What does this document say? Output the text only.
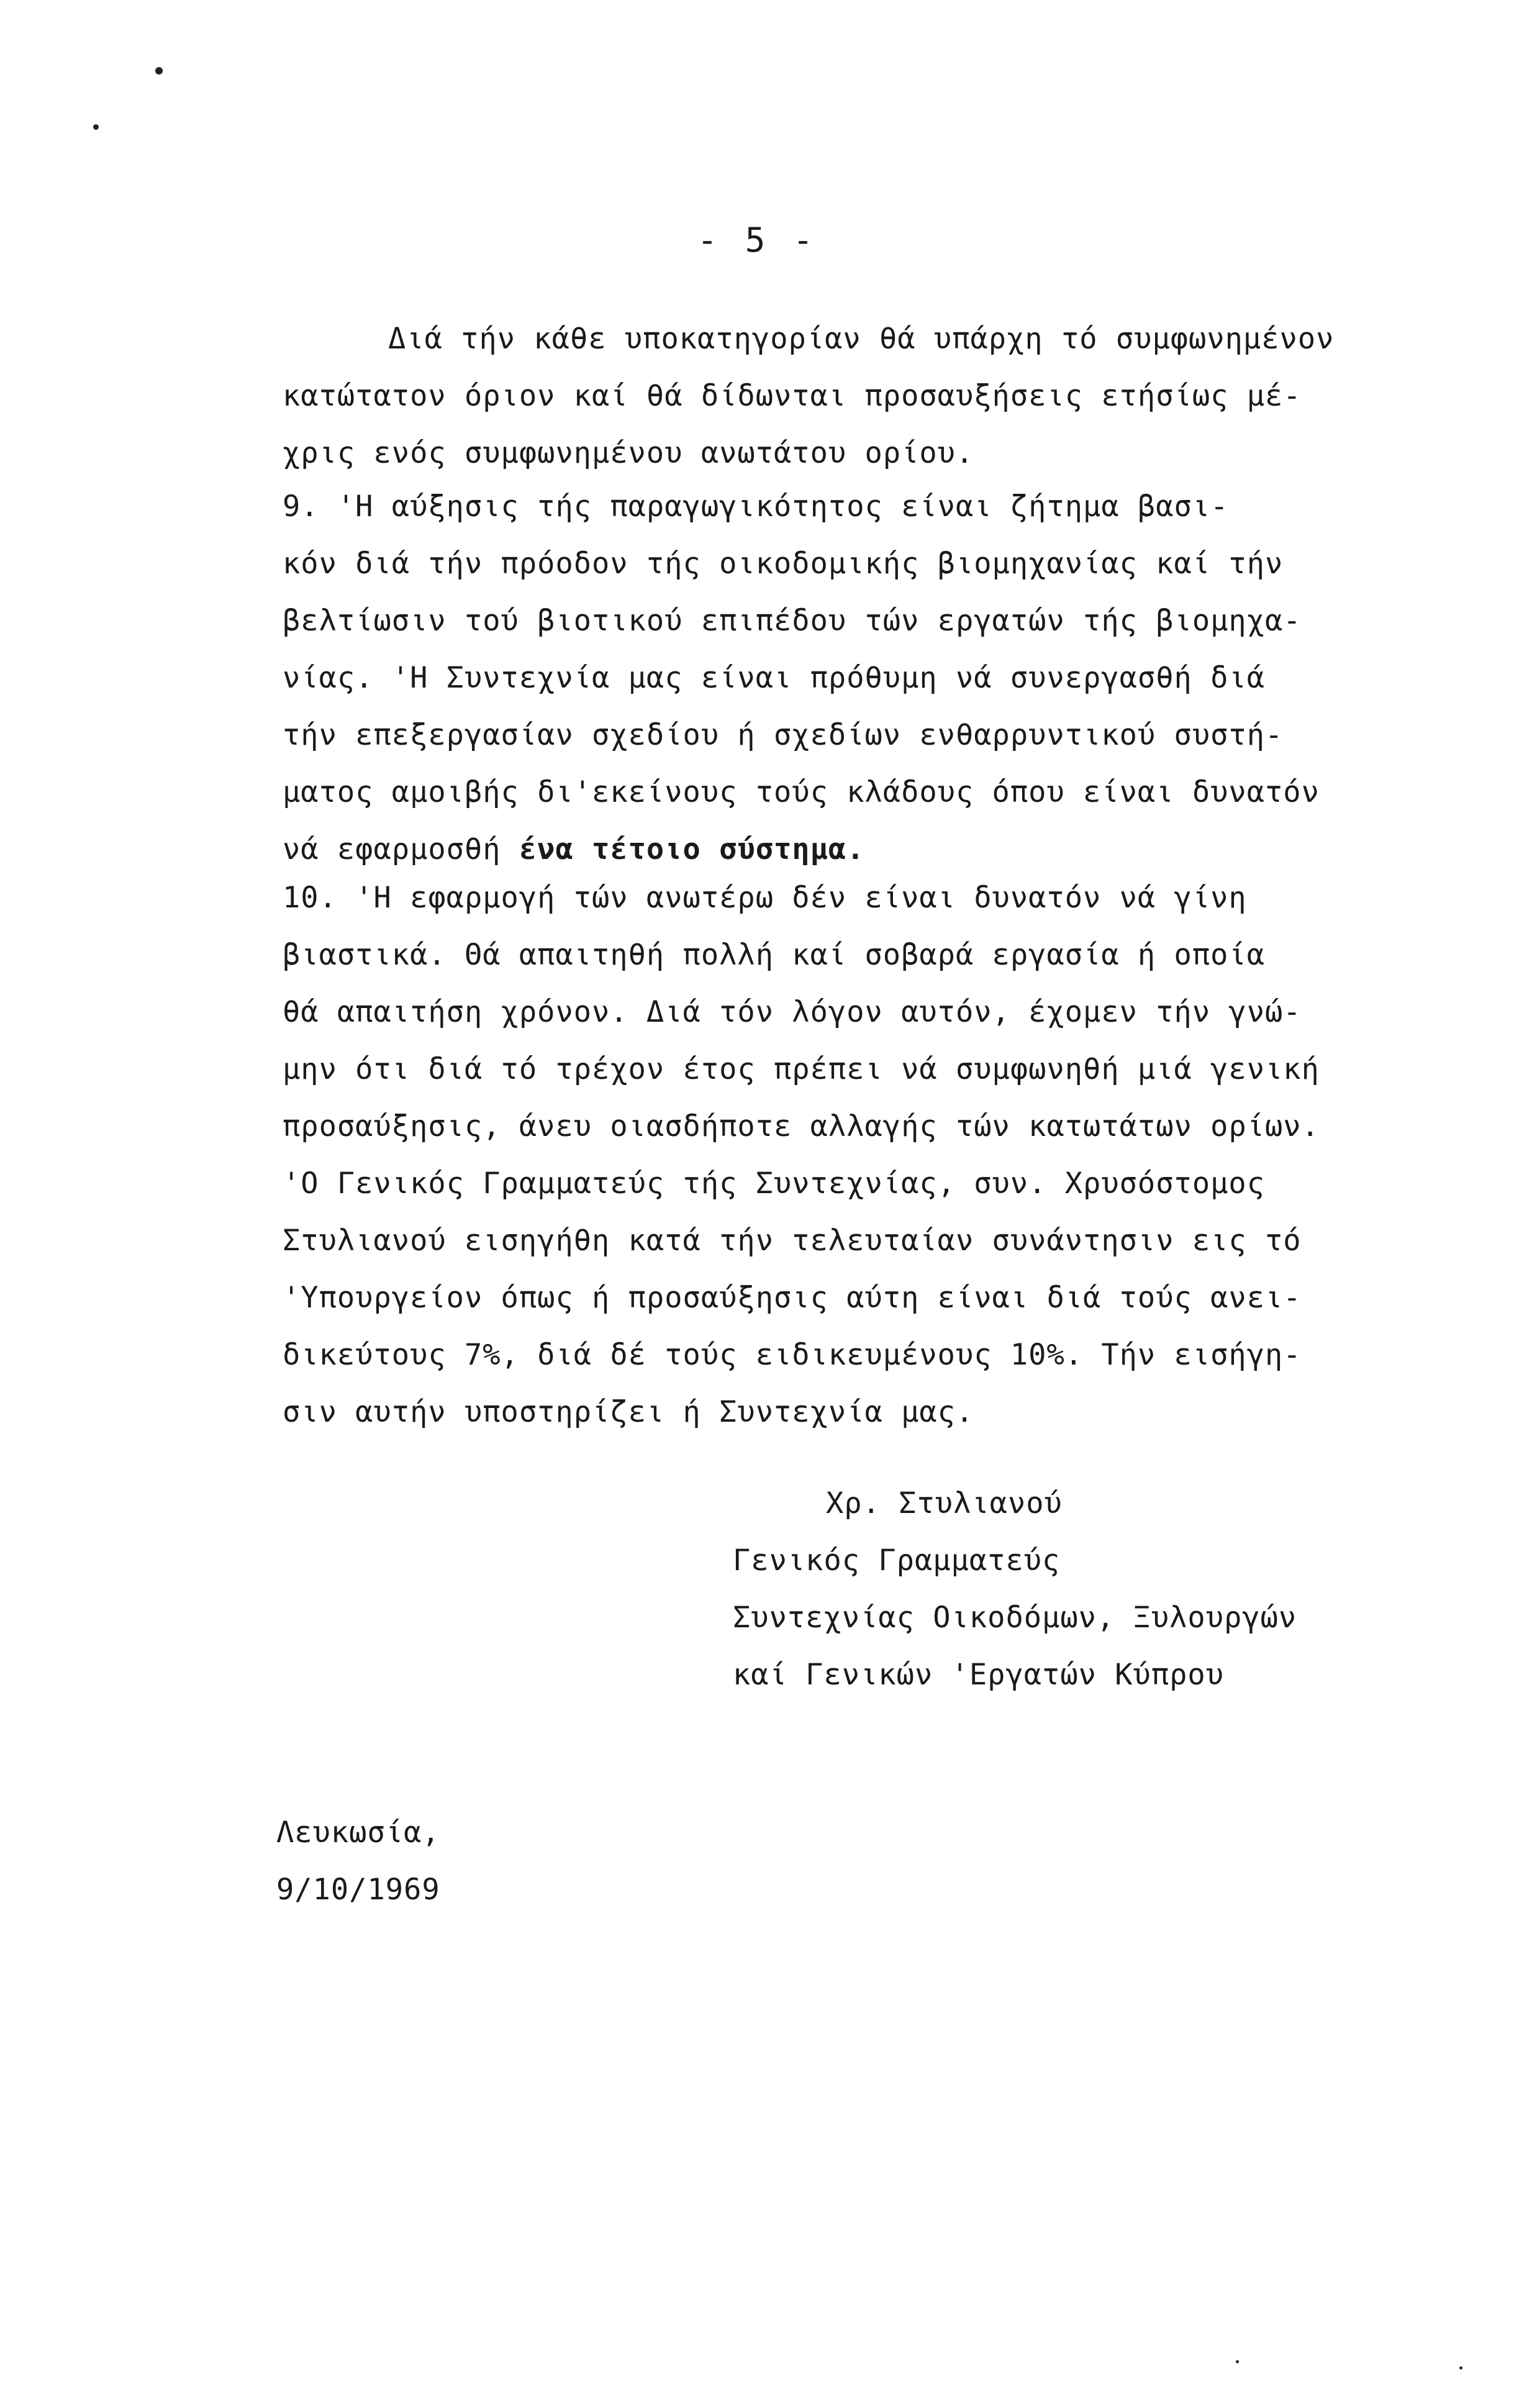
- 5 -
Διά τήν κάθε υποκατηγορίαν θά υπάρχη τό συμφωνημένον
κατώτατον όριον καί θά δίδωνται προσαυξήσεις ετήσίως μέ-
χρις ενός συμφωνημένου ανωτάτου ορίου.
9. 'Η αύξησις τής παραγωγικότητος είναι ζήτημα βασι-
κόν διά τήν πρόοδον τής οικοδομικής βιομηχανίας καί τήν
βελτίωσιν τού βιοτικού επιπέδου τών εργατών τής βιομηχα-
νίας. 'Η Συντεχνία μας είναι πρόθυμη νά συνεργασθή διά
τήν επεξεργασίαν σχεδίου ή σχεδίων ενθαρρυντικού συστή-
ματος αμοιβής δι'εκείνους τούς κλάδους όπου είναι δυνατόν
νά εφαρμοσθή ένα τέτοιο σύστημα.
10. 'Η εφαρμογή τών ανωτέρω δέν είναι δυνατόν νά γίνη
βιαστικά. Θά απαιτηθή πολλή καί σοβαρά εργασία ή οποία
θά απαιτήση χρόνον. Διά τόν λόγον αυτόν, έχομεν τήν γνώ-
μην ότι διά τό τρέχον έτος πρέπει νά συμφωνηθή μιά γενική
προσαύξησις, άνευ οιασδήποτε αλλαγής τών κατωτάτων ορίων.
'Ο Γενικός Γραμματεύς τής Συντεχνίας, συν. Χρυσόστομος
Στυλιανού εισηγήθη κατά τήν τελευταίαν συνάντησιν εις τό
'Υπουργείον όπως ή προσαύξησις αύτη είναι διά τούς ανει-
δικεύτους 7%, διά δέ τούς ειδικευμένους 10%. Τήν εισήγη-
σιν αυτήν υποστηρίζει ή Συντεχνία μας.
Χρ. Στυλιανού
Γενικός Γραμματεύς
Συντεχνίας Οικοδόμων, Ξυλουργών
καί Γενικών 'Εργατών Κύπρου
Λευκωσία,
9/10/1969
